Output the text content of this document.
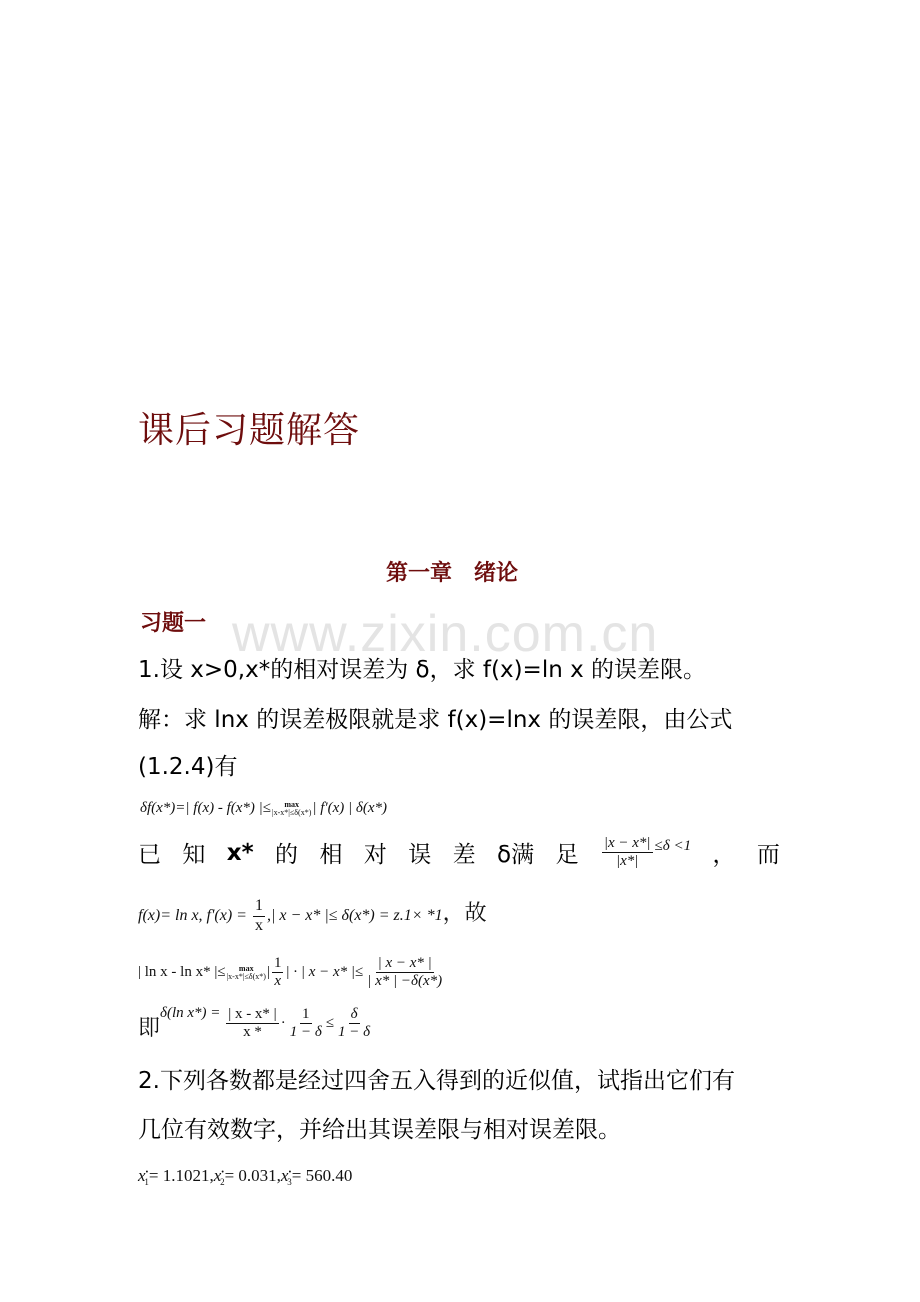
课后习题解答
第一章　绪论
www.zixin.com.cn
习题一
1.设 x>0,x*的相对误差为 δ，求 f(x)=ln x 的误差限。
解：求 lnx 的误差极限就是求 f(x)=lnx 的误差限，由公式
(1.2.4)有
δf(x*)=| f(x) - f(x*) |≤ max
|x-x*|≤δ(x*) | f'(x) | δ(x*)
已 知 x* 的 相 对 误 差 δ满 足 $\frac{|x - x*|}{|x*|} \le\delta <1$ ， 而
f(x)= ln x, $f'(x) = \frac{1}{x}$ ,| x − x* |≤ δ(x*) = z.1× *1，故
| ln x - ln x* |≤ max
|x-x*|≤δ(x*) | $\frac{1}{x}$ | · | x − x* |≤ $\frac{| x - x* |}{| x* | -\delta(x*)}$
即δ(ln $x*) = \frac{| x - x* |}{x *} \cdot \frac{1}{1 - \delta} \le \frac{\delta}{1 - \delta}$
2.下列各数都是经过四舍五入得到的近似值，试指出它们有
几位有效数字，并给出其误差限与相对误差限。
$x^•_1= 1.1021,x^•_2= 0.031,x^•_3= 560.40$
